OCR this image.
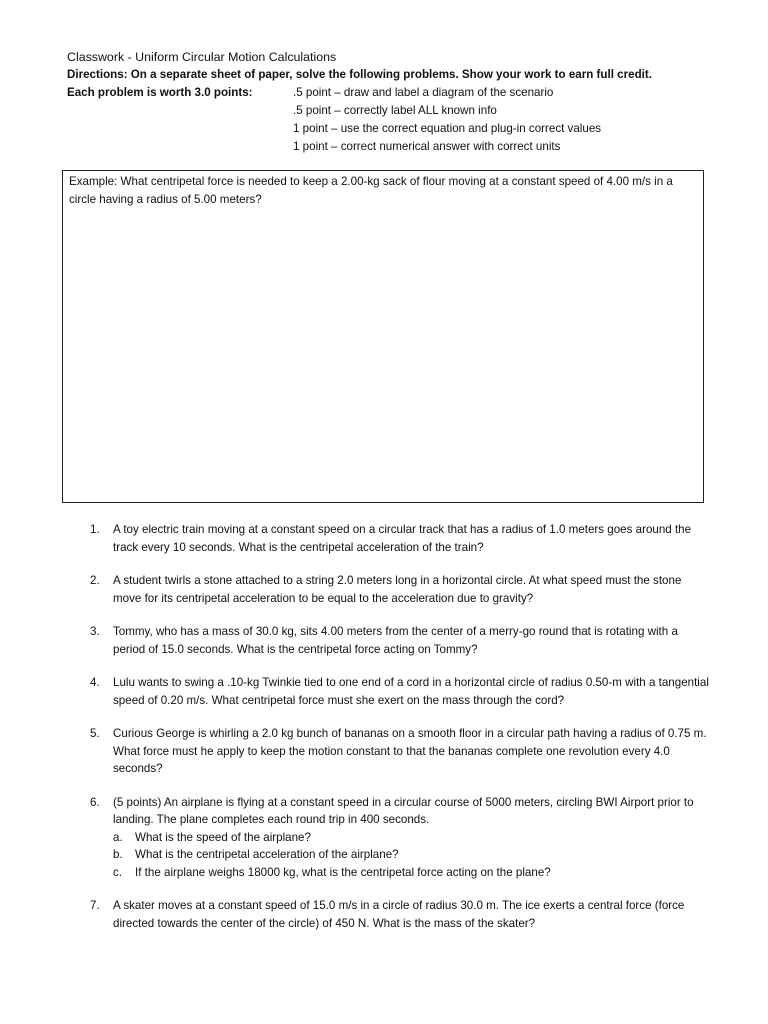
Classwork - Uniform Circular Motion Calculations
Directions: On a separate sheet of paper, solve the following problems. Show your work to earn full credit.
Each problem is worth 3.0 points:	.5 point – draw and label a diagram of the scenario
.5 point – correctly label ALL known info
1 point – use the correct equation and plug-in correct values
1 point – correct numerical answer with correct units
Example: What centripetal force is needed to keep a 2.00-kg sack of flour moving at a constant speed of 4.00 m/s in a circle having a radius of 5.00 meters?
1. A toy electric train moving at a constant speed on a circular track that has a radius of 1.0 meters goes around the track every 10 seconds. What is the centripetal acceleration of the train?
2. A student twirls a stone attached to a string 2.0 meters long in a horizontal circle. At what speed must the stone move for its centripetal acceleration to be equal to the acceleration due to gravity?
3. Tommy, who has a mass of 30.0 kg, sits 4.00 meters from the center of a merry-go round that is rotating with a period of 15.0 seconds. What is the centripetal force acting on Tommy?
4. Lulu wants to swing a .10-kg Twinkie tied to one end of a cord in a horizontal circle of radius 0.50-m with a tangential speed of 0.20 m/s. What centripetal force must she exert on the mass through the cord?
5. Curious George is whirling a 2.0 kg bunch of bananas on a smooth floor in a circular path having a radius of 0.75 m. What force must he apply to keep the motion constant to that the bananas complete one revolution every 4.0 seconds?
6. (5 points) An airplane is flying at a constant speed in a circular course of 5000 meters, circling BWI Airport prior to landing. The plane completes each round trip in 400 seconds.
a. What is the speed of the airplane?
b. What is the centripetal acceleration of the airplane?
c. If the airplane weighs 18000 kg, what is the centripetal force acting on the plane?
7. A skater moves at a constant speed of 15.0 m/s in a circle of radius 30.0 m. The ice exerts a central force (force directed towards the center of the circle) of 450 N. What is the mass of the skater?
